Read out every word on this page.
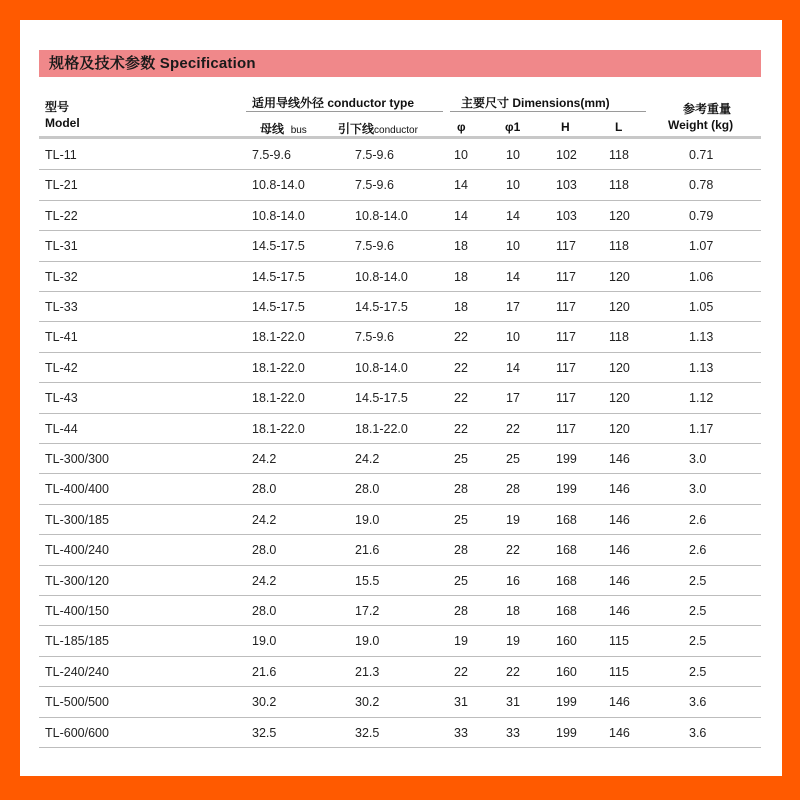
规格及技术参数 Specification
型号
Model
适用导线外径 conductor type
母线 bus	引下线conductor
主要尺寸 Dimensions(mm)
φ	φ1	H	L
参考重量
Weight (kg)
TL-11	7.5-9.6	7.5-9.6	10	10	102	118	0.71
TL-21	10.8-14.0	7.5-9.6	14	10	103	118	0.78
TL-22	10.8-14.0	10.8-14.0	14	14	103	120	0.79
TL-31	14.5-17.5	7.5-9.6	18	10	117	118	1.07
TL-32	14.5-17.5	10.8-14.0	18	14	117	120	1.06
TL-33	14.5-17.5	14.5-17.5	18	17	117	120	1.05
TL-41	18.1-22.0	7.5-9.6	22	10	117	118	1.13
TL-42	18.1-22.0	10.8-14.0	22	14	117	120	1.13
TL-43	18.1-22.0	14.5-17.5	22	17	117	120	1.12
TL-44	18.1-22.0	18.1-22.0	22	22	117	120	1.17
TL-300/300	24.2	24.2	25	25	199	146	3.0
TL-400/400	28.0	28.0	28	28	199	146	3.0
TL-300/185	24.2	19.0	25	19	168	146	2.6
TL-400/240	28.0	21.6	28	22	168	146	2.6
TL-300/120	24.2	15.5	25	16	168	146	2.5
TL-400/150	28.0	17.2	28	18	168	146	2.5
TL-185/185	19.0	19.0	19	19	160	115	2.5
TL-240/240	21.6	21.3	22	22	160	115	2.5
TL-500/500	30.2	30.2	31	31	199	146	3.6
TL-600/600	32.5	32.5	33	33	199	146	3.6
